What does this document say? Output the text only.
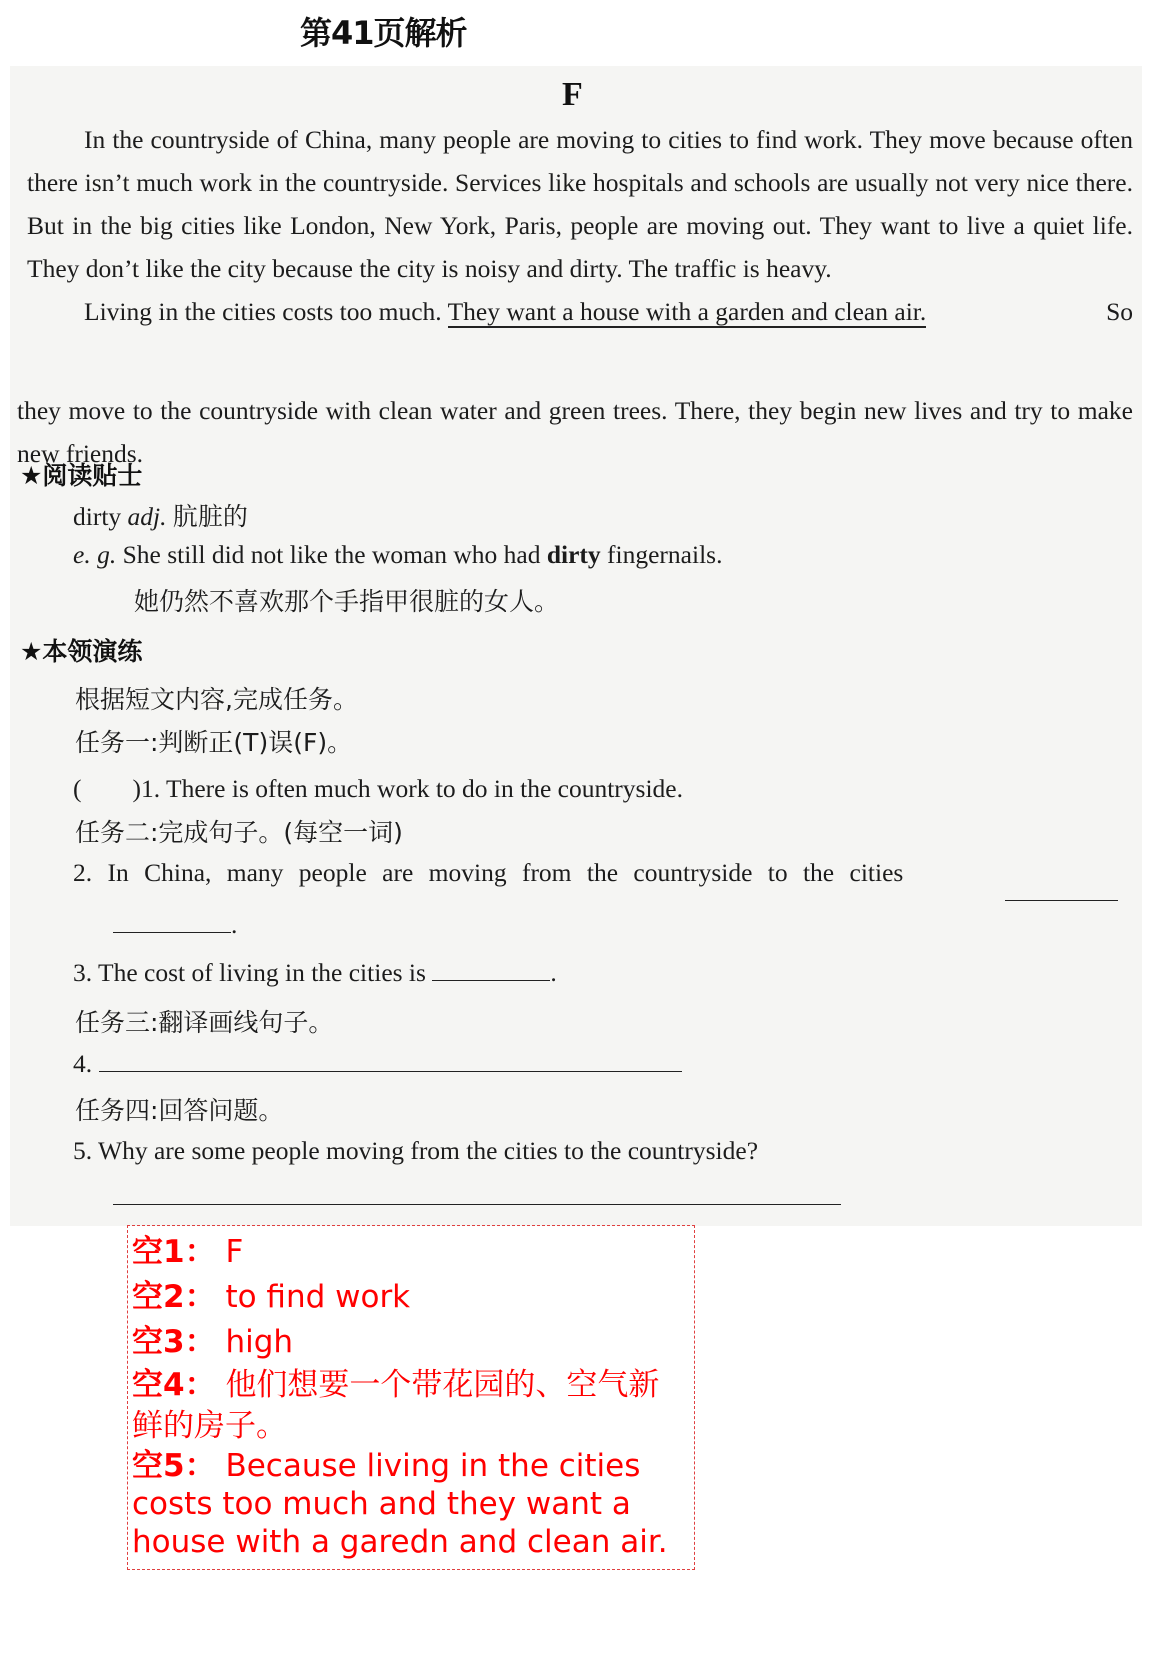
第41页解析
F

In the countryside of China, many people are moving to cities to find work. They move because often there isn’t much work in the countryside. Services like hospitals and schools are usually not very nice there. But in the big cities like London, New York, Paris, people are moving out. They want to live a quiet life. They don’t like the city because the city is noisy and dirty. The traffic is heavy.

Living in the cities costs too much. They want a house with a garden and clean air.	So

they move to the countryside with clean water and green trees. There, they begin new lives and try to make new friends.
★阅读贴士
dirty adj. 肮脏的
e. g. She still did not like the woman who had dirty fingernails.
她仍然不喜欢那个手指甲很脏的女人。
★本领演练
根据短文内容,完成任务。
任务一:判断正(T)误(F)。
(　　)1. There is often much work to do in the countryside.
任务二:完成句子。(每空一词)
2. In China, many people are moving from the countryside to the cities
.
3. The cost of living in the cities is	.
任务三:翻译画线句子。
4.
任务四:回答问题。
5. Why are some people moving from the cities to the countryside?
空1： F
空2： to find work
空3： high
空4： 他们想要一个带花园的、空气新
鲜的房子。
空5： Because living in the cities
costs too much and they want a
house with a garedn and clean air.
